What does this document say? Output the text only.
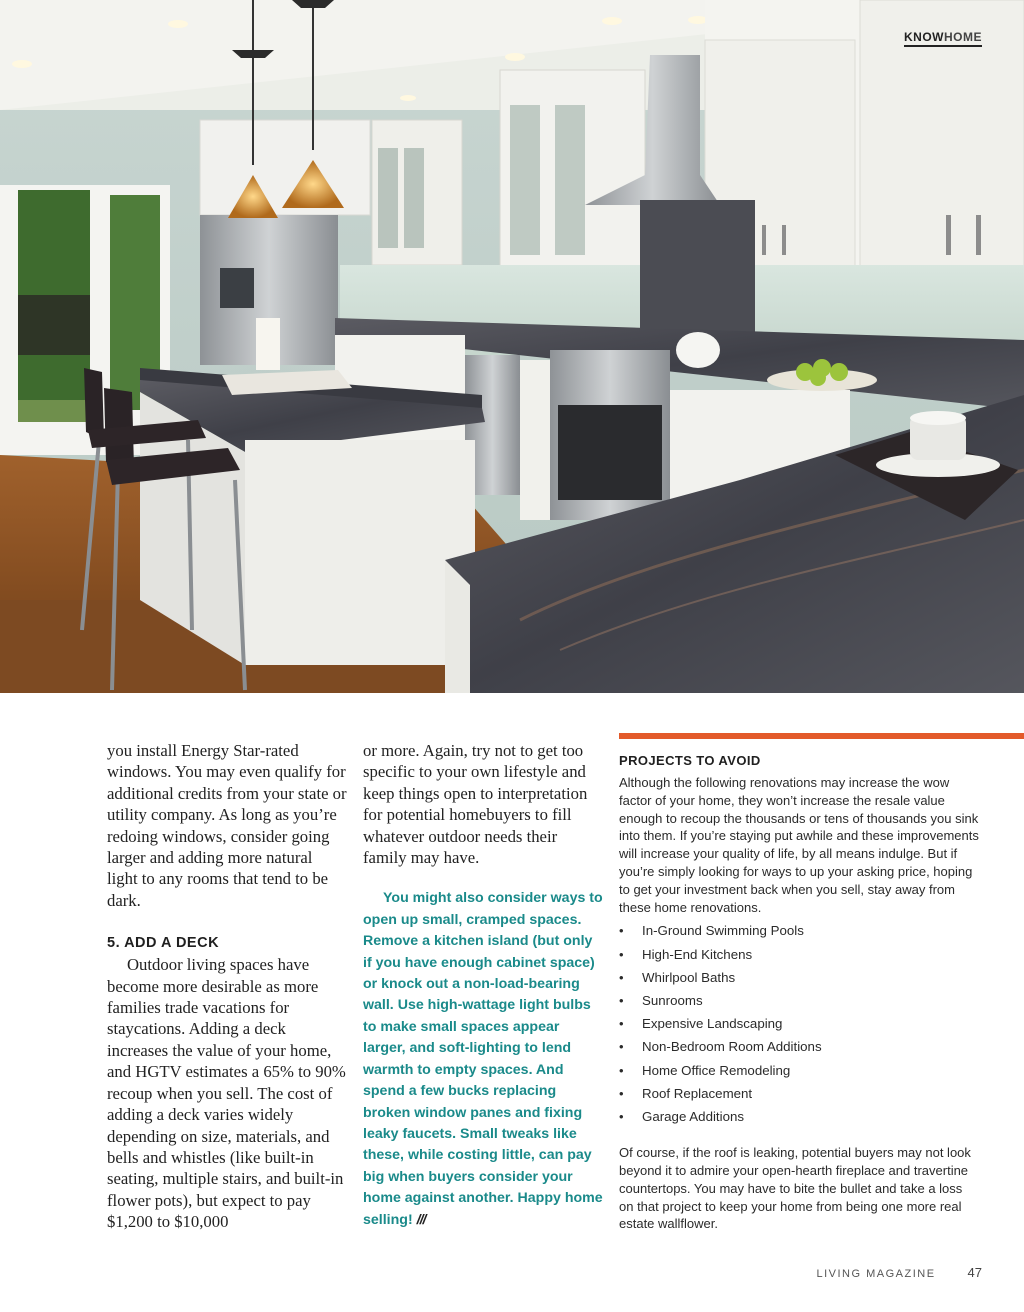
KNOWHOME

you install Energy Star-rated windows. You may even qualify for additional credits from your state or utility company. As long as you’re redoing windows, consider going larger and adding more natural light to any rooms that tend to be dark.

5. ADD A DECK

Outdoor living spaces have become more desirable as more families trade vacations for staycations. Adding a deck increases the value of your home, and HGTV estimates a 65% to 90% recoup when you sell. The cost of adding a deck varies widely depending on size, materials, and bells and whistles (like built-in seating, multiple stairs, and built-in flower pots), but expect to pay $1,200 to $10,000

or more. Again, try not to get too specific to your own lifestyle and keep things open to interpretation for potential homebuyers to fill whatever outdoor needs their family may have.

You might also consider ways to open up small, cramped spaces. Remove a kitchen island (but only if you have enough cabinet space) or knock out a non-load-bearing wall. Use high-wattage light bulbs to make small spaces appear larger, and soft-lighting to lend warmth to empty spaces. And spend a few bucks replacing broken window panes and fixing leaky faucets. Small tweaks like these, while costing little, can pay big when buyers consider your home against another. Happy home selling! ///

PROJECTS TO AVOID

Although the following renovations may increase the wow factor of your home, they won’t increase the resale value enough to recoup the thousands or tens of thousands you sink into them. If you’re staying put awhile and these improvements will increase your quality of life, by all means indulge. But if you’re simply looking for ways to up your asking price, hoping to get your investment back when you sell, stay away from these home renovations.

• In-Ground Swimming Pools
• High-End Kitchens
• Whirlpool Baths
• Sunrooms
• Expensive Landscaping
• Non-Bedroom Room Additions
• Home Office Remodeling
• Roof Replacement
• Garage Additions

Of course, if the roof is leaking, potential buyers may not look beyond it to admire your open-hearth fireplace and travertine countertops. You may have to bite the bullet and take a loss on that project to keep your home from being one more real estate wallflower.

LIVING MAGAZINE 47
